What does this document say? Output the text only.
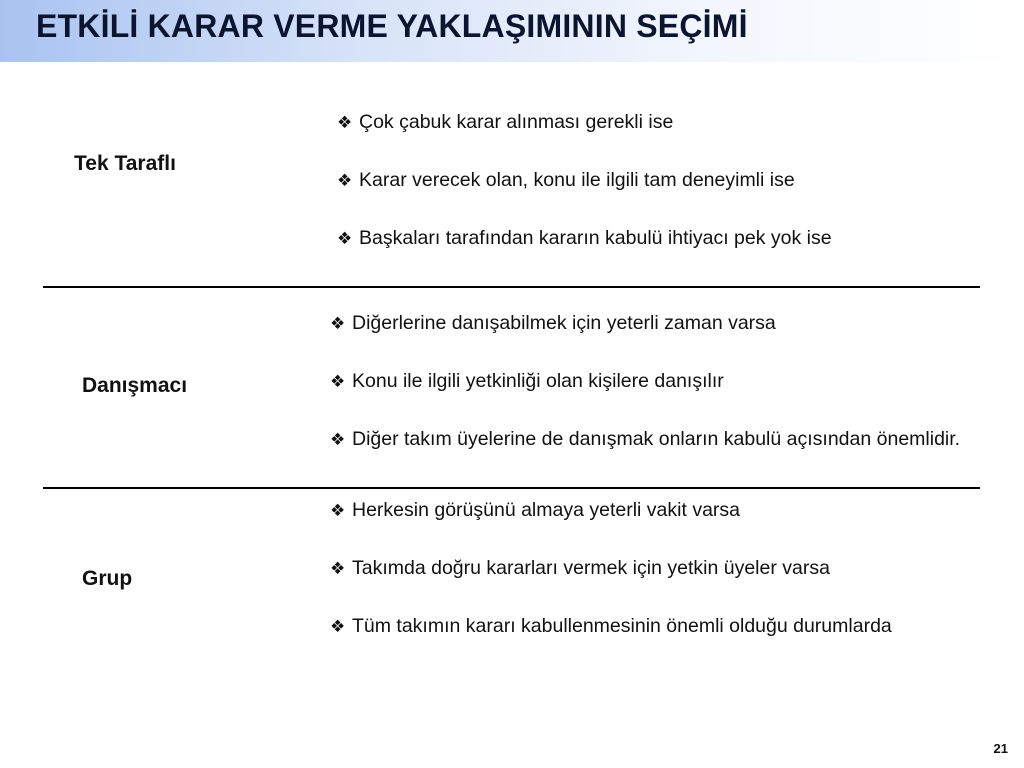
ETKİLİ KARAR VERME YAKLAŞIMININ SEÇİMİ
Tek Taraflı

❖ Çok çabuk karar alınması gerekli ise

❖ Karar verecek olan, konu ile ilgili tam deneyimli ise

❖ Başkaları tarafından kararın kabulü ihtiyacı pek yok ise

Danışmacı

❖ Diğerlerine danışabilmek için yeterli zaman varsa

❖ Konu ile ilgili yetkinliği olan kişilere danışılır

❖ Diğer takım üyelerine de danışmak onların kabulü açısından önemlidir.

Grup

❖ Herkesin görüşünü almaya yeterli vakit varsa

❖ Takımda doğru kararları vermek için yetkin üyeler varsa

❖ Tüm takımın kararı kabullenmesinin önemli olduğu durumlarda

21
